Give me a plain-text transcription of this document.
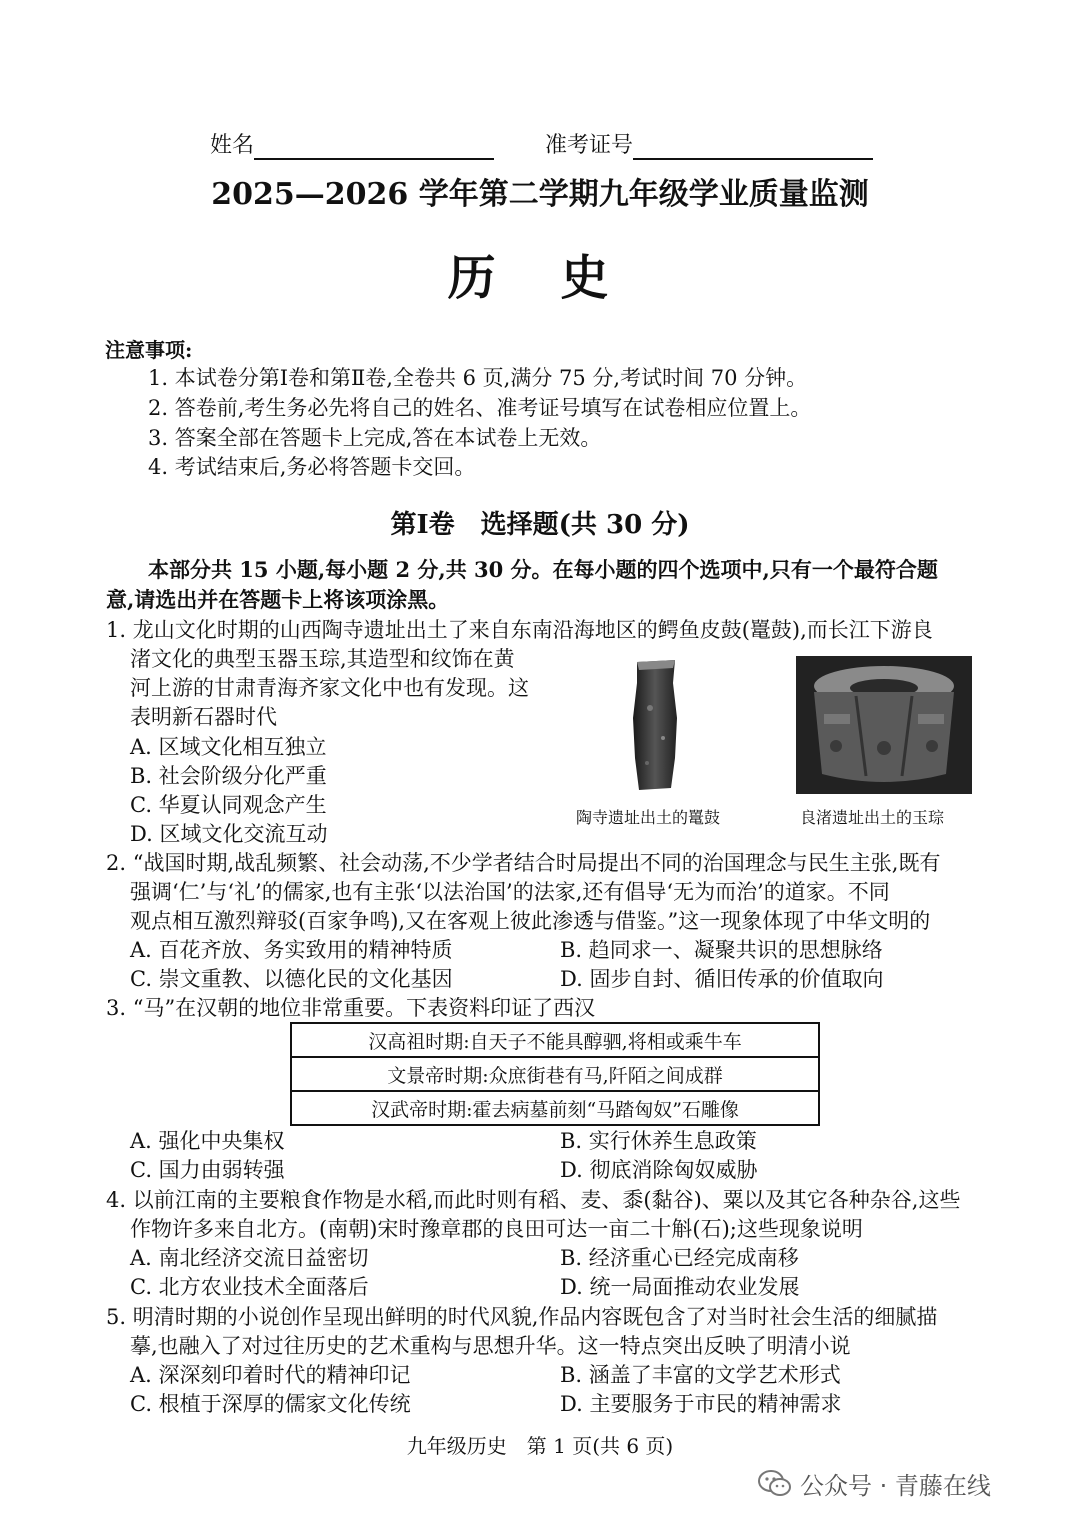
姓名	准考证号
2025—2026 学年第二学期九年级学业质量监测
历 史
注意事项:
1. 本试卷分第Ⅰ卷和第Ⅱ卷,全卷共 6 页,满分 75 分,考试时间 70 分钟。
2. 答卷前,考生务必先将自己的姓名、准考证号填写在试卷相应位置上。
3. 答案全部在答题卡上完成,答在本试卷上无效。
4. 考试结束后,务必将答题卡交回。
第Ⅰ卷　选择题(共 30 分)
本部分共 15 小题,每小题 2 分,共 30 分。在每小题的四个选项中,只有一个最符合题
意,请选出并在答题卡上将该项涂黑。
1. 龙山文化时期的山西陶寺遗址出土了来自东南沿海地区的鳄鱼皮鼓(鼍鼓),而长江下游良
渚文化的典型玉器玉琮,其造型和纹饰在黄
河上游的甘肃青海齐家文化中也有发现。这
表明新石器时代
A. 区域文化相互独立
B. 社会阶级分化严重
C. 华夏认同观念产生
D. 区域文化交流互动
陶寺遗址出土的鼍鼓	良渚遗址出土的玉琮
2. “战国时期,战乱频繁、社会动荡,不少学者结合时局提出不同的治国理念与民生主张,既有
强调‘仁’与‘礼’的儒家,也有主张‘以法治国’的法家,还有倡导‘无为而治’的道家。不同
观点相互激烈辩驳(百家争鸣),又在客观上彼此渗透与借鉴。”这一现象体现了中华文明的
A. 百花齐放、务实致用的精神特质	B. 趋同求一、凝聚共识的思想脉络
C. 崇文重教、以德化民的文化基因	D. 固步自封、循旧传承的价值取向
3. “马”在汉朝的地位非常重要。下表资料印证了西汉
汉高祖时期:自天子不能具醇驷,将相或乘牛车
文景帝时期:众庶街巷有马,阡陌之间成群
汉武帝时期:霍去病墓前刻“马踏匈奴”石雕像
A. 强化中央集权	B. 实行休养生息政策
C. 国力由弱转强	D. 彻底消除匈奴威胁
4. 以前江南的主要粮食作物是水稻,而此时则有稻、麦、黍(黏谷)、粟以及其它各种杂谷,这些
作物许多来自北方。(南朝)宋时豫章郡的良田可达一亩二十斛(石);这些现象说明
A. 南北经济交流日益密切	B. 经济重心已经完成南移
C. 北方农业技术全面落后	D. 统一局面推动农业发展
5. 明清时期的小说创作呈现出鲜明的时代风貌,作品内容既包含了对当时社会生活的细腻描
摹,也融入了对过往历史的艺术重构与思想升华。这一特点突出反映了明清小说
A. 深深刻印着时代的精神印记	B. 涵盖了丰富的文学艺术形式
C. 根植于深厚的儒家文化传统	D. 主要服务于市民的精神需求
九年级历史　第 1 页(共 6 页)
公众号 · 青藤在线
